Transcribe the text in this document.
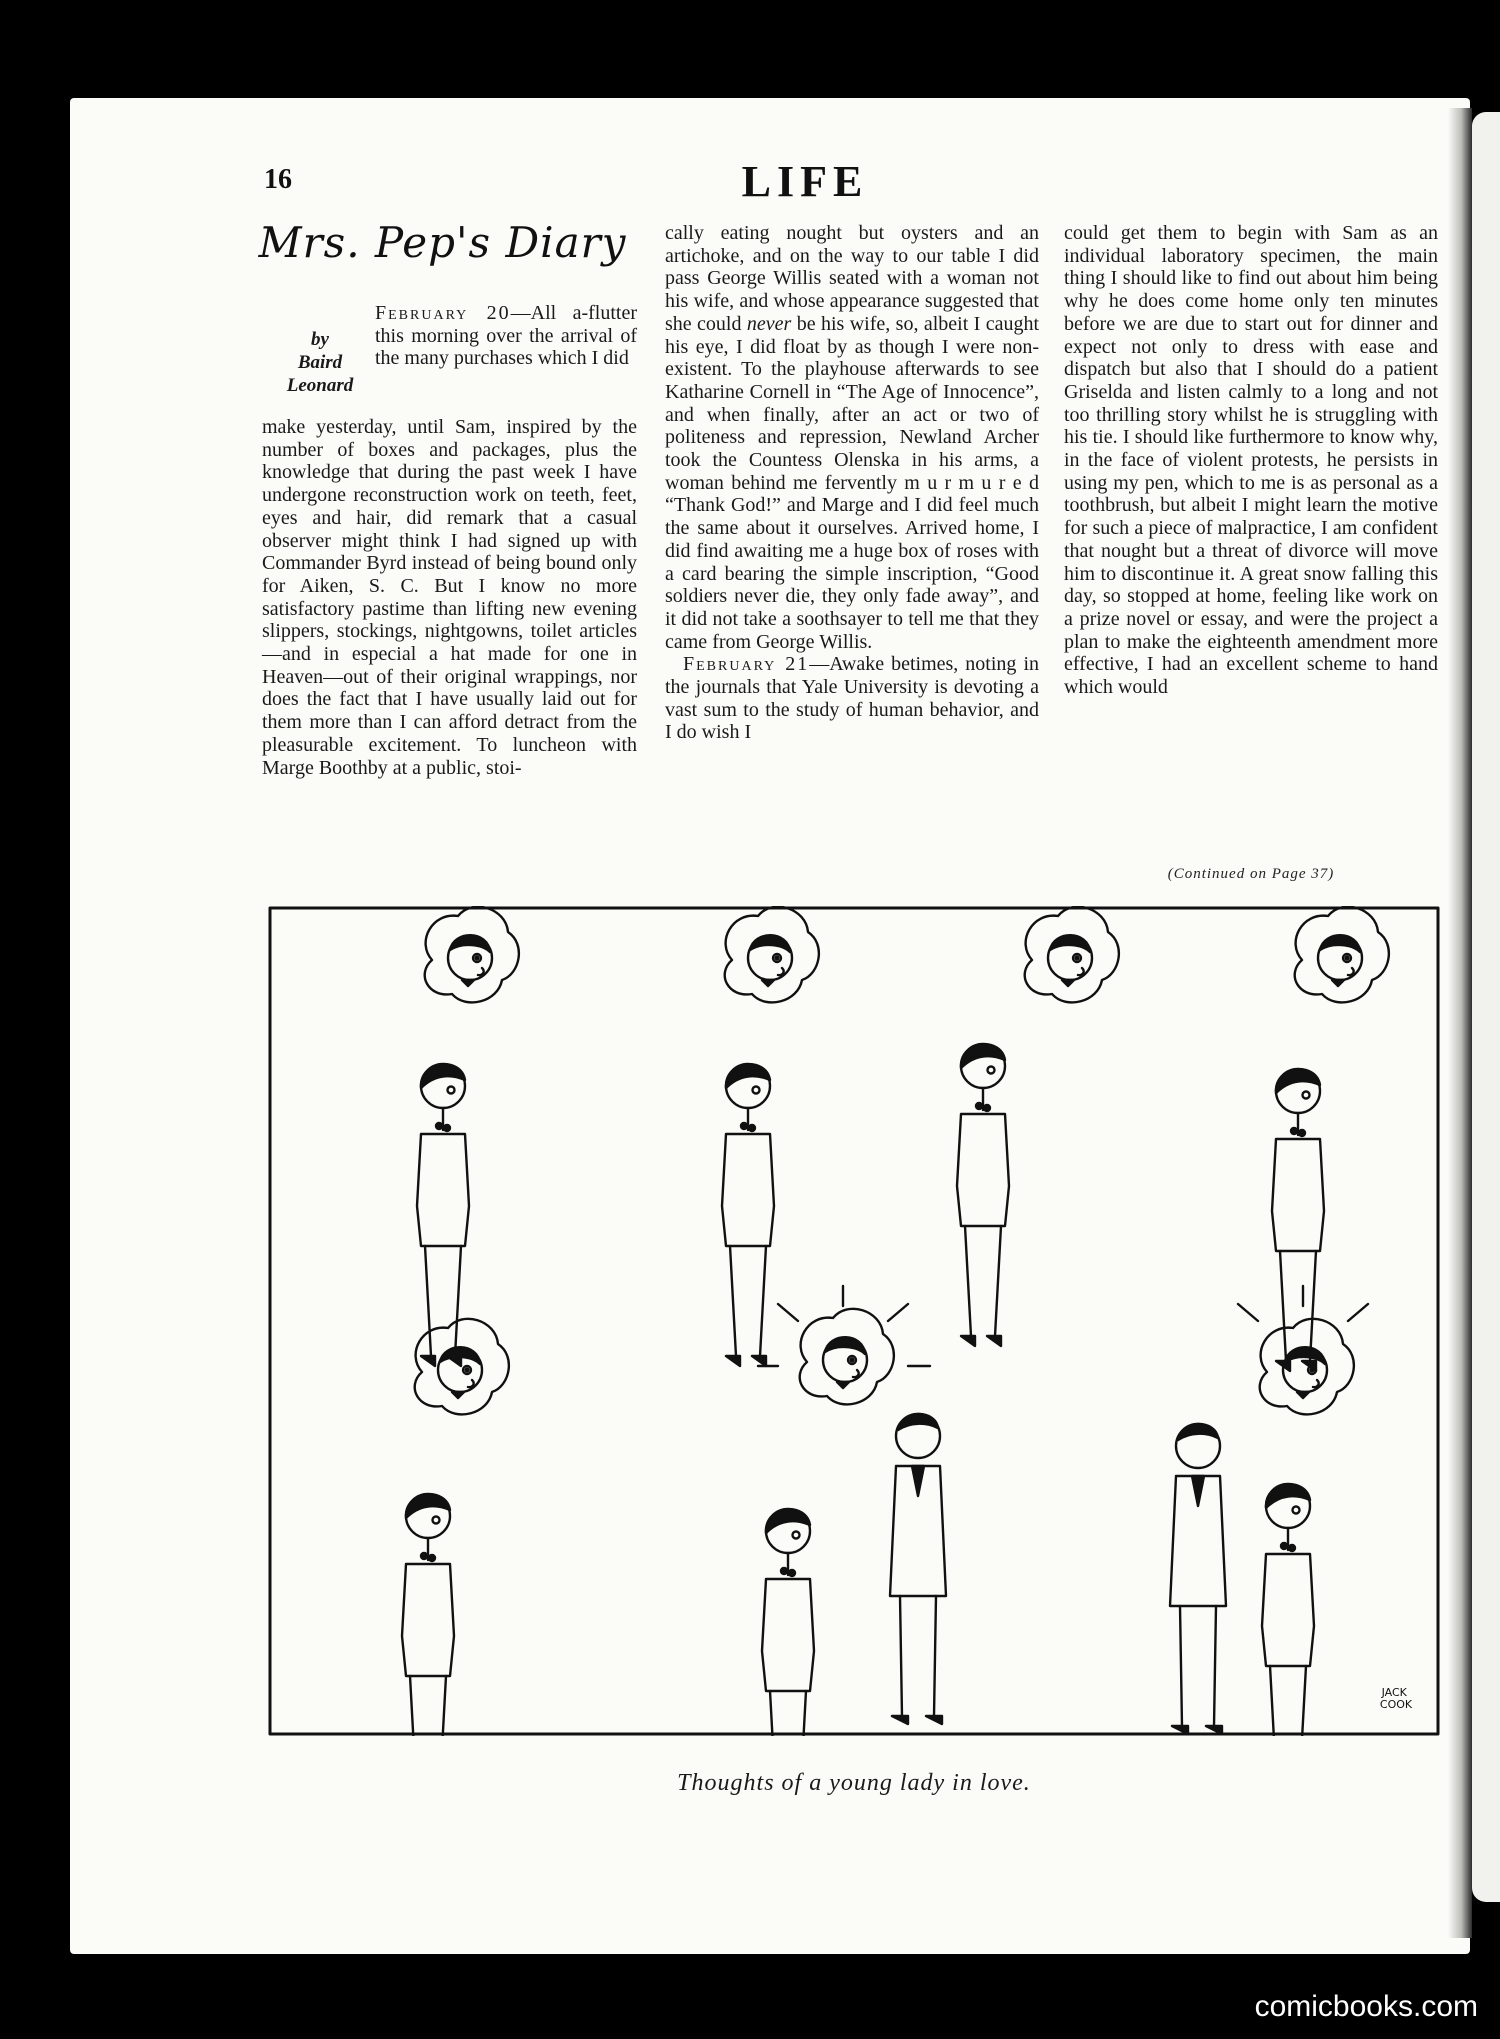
16	LIFE
Mrs. Pep's Diary

February 20—All a-flutter this morning over the arrival of the many purchases which I did

by
Baird
Leonard

make yesterday, until Sam, inspired by the number of boxes and packages, plus the knowledge that during the past week I have undergone reconstruction work on teeth, feet, eyes and hair, did remark that a casual observer might think I had signed up with Commander Byrd instead of being bound only for Aiken, S. C. But I know no more satisfactory pastime than lifting new evening slippers, stockings, nightgowns, toilet articles—and in especial a hat made for one in Heaven—out of their original wrappings, nor does the fact that I have usually laid out for them more than I can afford detract from the pleasurable excitement. To luncheon with Marge Boothby at a public, stoi-

cally eating nought but oysters and an artichoke, and on the way to our table I did pass George Willis seated with a woman not his wife, and whose appearance suggested that she could never be his wife, so, albeit I caught his eye, I did float by as though I were non-existent. To the playhouse afterwards to see Katharine Cornell in “The Age of Innocence”, and when finally, after an act or two of politeness and repression, Newland Archer took the Countess Olenska in his arms, a woman behind me fervently m u r m u r e d “Thank God!” and Marge and I did feel much the same about it ourselves. Arrived home, I did find awaiting me a huge box of roses with a card bearing the simple inscription, “Good soldiers never die, they only fade away”, and it did not take a soothsayer to tell me that they came from George Willis.

February 21—Awake betimes, noting in the journals that Yale University is devoting a vast sum to the study of human behavior, and I do wish I

could get them to begin with Sam as an individual laboratory specimen, the main thing I should like to find out about him being why he does come home only ten minutes before we are due to start out for dinner and expect not only to dress with ease and dispatch but also that I should do a patient Griselda and listen calmly to a long and not too thrilling story whilst he is struggling with his tie. I should like furthermore to know why, in the face of violent protests, he persists in using my pen, which to me is as personal as a toothbrush, but albeit I might learn the motive for such a piece of malpractice, I am confident that nought but a threat of divorce will move him to discontinue it. A great snow falling this day, so stopped at home, feeling like work on a prize novel or essay, and were the project a plan to make the eighteenth amendment more effective, I had an excellent scheme to hand which would

(Continued on Page 37)
JACK COOK
Thoughts of a young lady in love.
comicbooks.com
